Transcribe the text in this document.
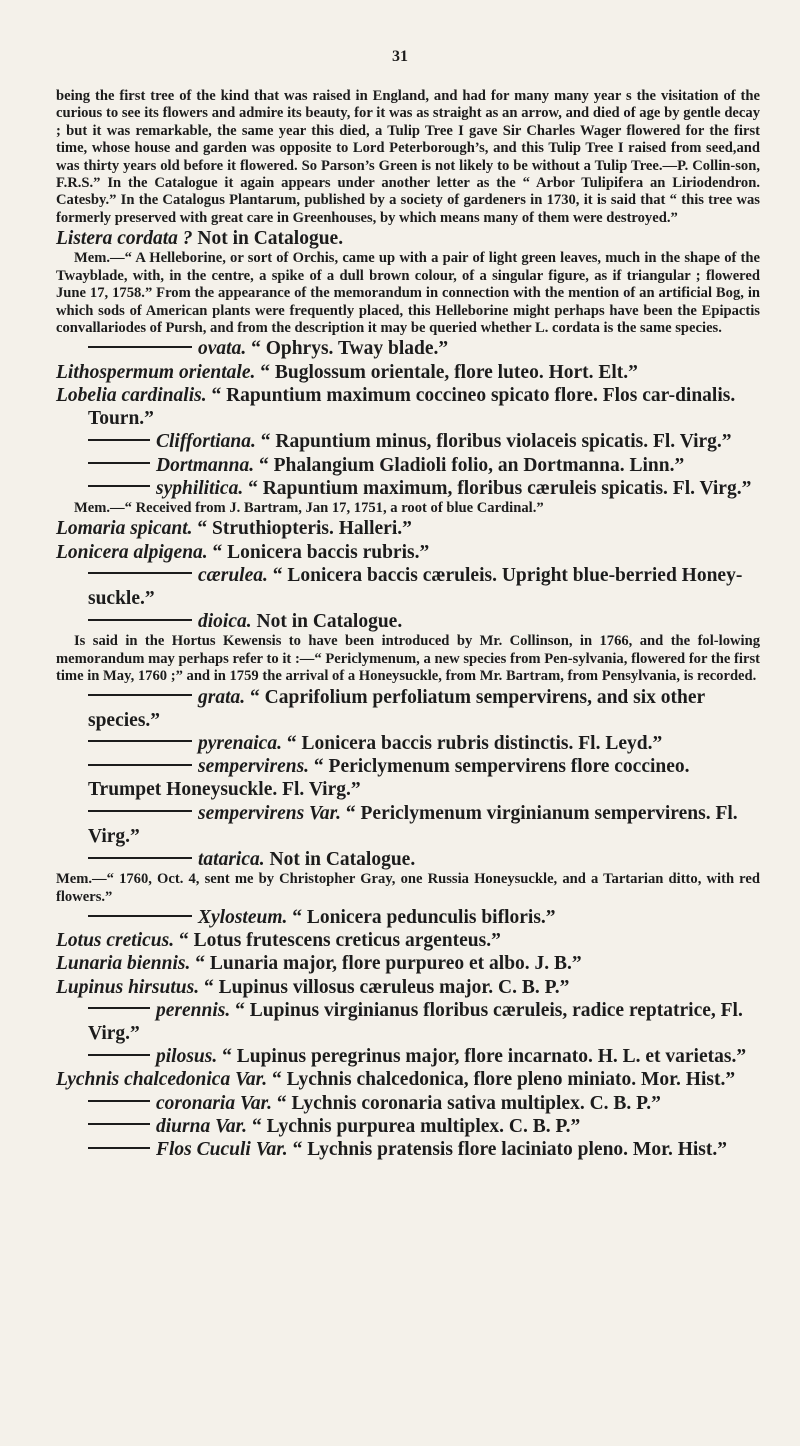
31

being the first tree of the kind that was raised in England, and had for many many year s the visitation of the curious to see its flowers and admire its beauty, for it was as straight as an arrow, and died of age by gentle decay ; but it was remarkable, the same year this died, a Tulip Tree I gave Sir Charles Wager flowered for the first time, whose house and garden was opposite to Lord Peterborough’s, and this Tulip Tree I raised from seed,and was thirty years old before it flowered. So Parson’s Green is not likely to be without a Tulip Tree.—P. Collin-son, F.R.S.” In the Catalogue it again appears under another letter as the “ Arbor Tulipifera an Liriodendron. Catesby.” In the Catalogus Plantarum, published by a society of gardeners in 1730, it is said that “ this tree was formerly preserved with great care in Greenhouses, by which means many of them were destroyed.”

Listera cordata ? Not in Catalogue.

Mem.—“ A Helleborine, or sort of Orchis, came up with a pair of light green leaves, much in the shape of the Twayblade, with, in the centre, a spike of a dull brown colour, of a singular figure, as if triangular ; flowered June 17, 1758.” From the appearance of the memorandum in connection with the mention of an artificial Bog, in which sods of American plants were frequently placed, this Helleborine might perhaps have been the Epipactis convallariodes of Pursh, and from the description it may be queried whether L. cordata is the same species.

ovata. “ Ophrys. Tway blade.”

Lithospermum orientale. “ Buglossum orientale, flore luteo. Hort. Elt.”

Lobelia cardinalis. “ Rapuntium maximum coccineo spicato flore. Flos car-dinalis. Tourn.”

Cliffortiana. “ Rapuntium minus, floribus violaceis spicatis. Fl. Virg.”

Dortmanna. “ Phalangium Gladioli folio, an Dortmanna. Linn.”

syphilitica. “ Rapuntium maximum, floribus cæruleis spicatis. Fl. Virg.”

Mem.—“ Received from J. Bartram, Jan 17, 1751, a root of blue Cardinal.”

Lomaria spicant. “ Struthiopteris. Halleri.”

Lonicera alpigena. “ Lonicera baccis rubris.”

cærulea. “ Lonicera baccis cæruleis. Upright blue-berried Honey-suckle.”

dioica. Not in Catalogue.

Is said in the Hortus Kewensis to have been introduced by Mr. Collinson, in 1766, and the fol-lowing memorandum may perhaps refer to it :—“ Periclymenum, a new species from Pen-sylvania, flowered for the first time in May, 1760 ;” and in 1759 the arrival of a Honeysuckle, from Mr. Bartram, from Pensylvania, is recorded.

grata. “ Caprifolium perfoliatum sempervirens, and six other species.”

pyrenaica. “ Lonicera baccis rubris distinctis. Fl. Leyd.”

sempervirens. “ Periclymenum sempervirens flore coccineo. Trumpet Honeysuckle. Fl. Virg.”

sempervirens Var. “ Periclymenum virginianum sempervirens. Fl. Virg.”

tatarica. Not in Catalogue.

Mem.—“ 1760, Oct. 4, sent me by Christopher Gray, one Russia Honeysuckle, and a Tartarian ditto, with red flowers.”

Xylosteum. “ Lonicera pedunculis bifloris.”

Lotus creticus. “ Lotus frutescens creticus argenteus.”

Lunaria biennis. “ Lunaria major, flore purpureo et albo. J. B.”

Lupinus hirsutus. “ Lupinus villosus cæruleus major. C. B. P.”

perennis. “ Lupinus virginianus floribus cæruleis, radice reptatrice, Fl. Virg.”

pilosus. “ Lupinus peregrinus major, flore incarnato. H. L. et varietas.”

Lychnis chalcedonica Var. “ Lychnis chalcedonica, flore pleno miniato. Mor. Hist.”

coronaria Var. “ Lychnis coronaria sativa multiplex. C. B. P.”

diurna Var. “ Lychnis purpurea multiplex. C. B. P.”

Flos Cuculi Var. “ Lychnis pratensis flore laciniato pleno. Mor. Hist.”
